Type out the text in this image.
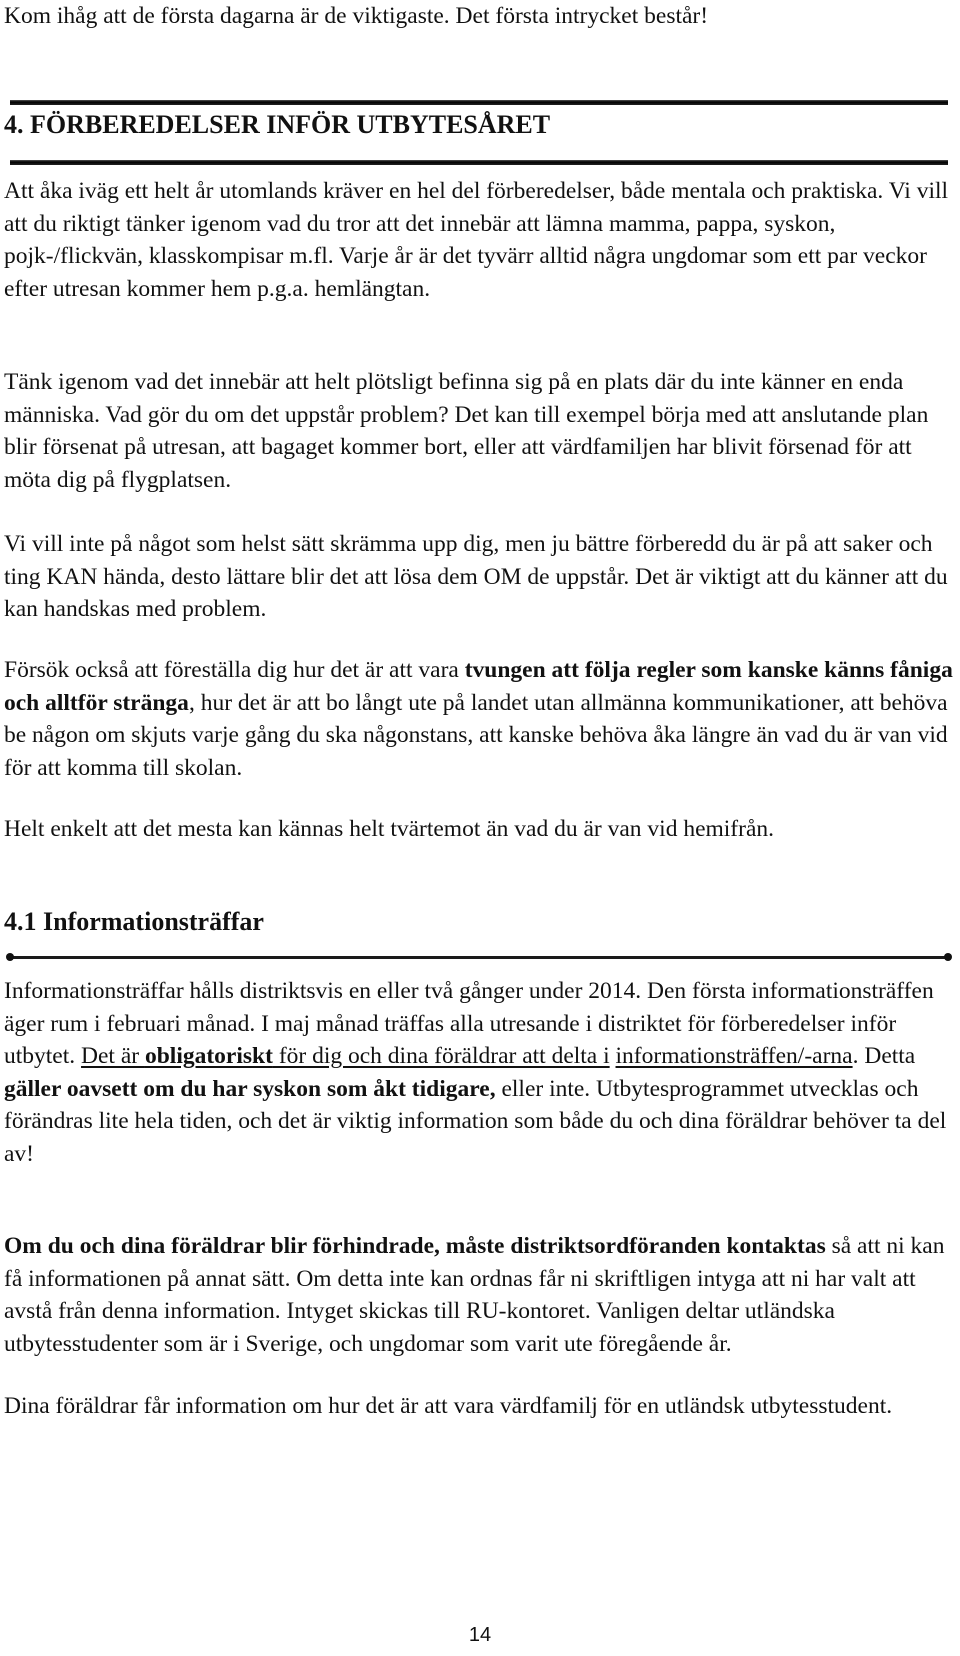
Kom ihåg att de första dagarna är de viktigaste. Det första intrycket består!

4. FÖRBEREDELSER INFÖR UTBYTESÅRET

Att åka iväg ett helt år utomlands kräver en hel del förberedelser, både mentala och praktiska. Vi vill att du riktigt tänker igenom vad du tror att det innebär att lämna mamma, pappa, syskon, pojk-/flickvän, klasskompisar m.fl. Varje år är det tyvärr alltid några ungdomar som ett par veckor efter utresan kommer hem p.g.a. hemlängtan.

Tänk igenom vad det innebär att helt plötsligt befinna sig på en plats där du inte känner en enda människa. Vad gör du om det uppstår problem? Det kan till exempel börja med att anslutande plan blir försenat på utresan, att bagaget kommer bort, eller att värdfamiljen har blivit försenad för att möta dig på flygplatsen.

Vi vill inte på något som helst sätt skrämma upp dig, men ju bättre förberedd du är på att saker och ting KAN hända, desto lättare blir det att lösa dem OM de uppstår. Det är viktigt att du känner att du kan handskas med problem.

Försök också att föreställa dig hur det är att vara tvungen att följa regler som kanske känns fåniga och alltför stränga, hur det är att bo långt ute på landet utan allmänna kommunikationer, att behöva be någon om skjuts varje gång du ska någonstans, att kanske behöva åka längre än vad du är van vid för att komma till skolan.

Helt enkelt att det mesta kan kännas helt tvärtemot än vad du är van vid hemifrån.

4.1 Informationsträffar

Informationsträffar hålls distriktsvis en eller två gånger under 2014. Den första informationsträffen äger rum i februari månad. I maj månad träffas alla utresande i distriktet för förberedelser inför utbytet. Det är obligatoriskt för dig och dina föräldrar att delta i informationsträffen/-arna. Detta gäller oavsett om du har syskon som åkt tidigare, eller inte. Utbytesprogrammet utvecklas och förändras lite hela tiden, och det är viktig information som både du och dina föräldrar behöver ta del av!

Om du och dina föräldrar blir förhindrade, måste distriktsordföranden kontaktas så att ni kan få informationen på annat sätt. Om detta inte kan ordnas får ni skriftligen intyga att ni har valt att avstå från denna information. Intyget skickas till RU-kontoret. Vanligen deltar utländska utbytesstudenter som är i Sverige, och ungdomar som varit ute föregående år.

Dina föräldrar får information om hur det är att vara värdfamilj för en utländsk utbytesstudent.

14
